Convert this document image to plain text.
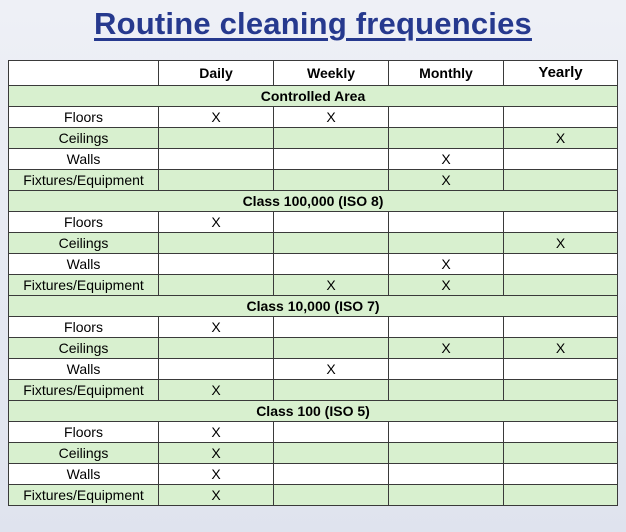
Routine cleaning frequencies
	Daily	Weekly	Monthly	Yearly
Controlled Area				
Floors	X	X		
Ceilings				X
Walls			X	
Fixtures/Equipment			X	
Class 100,000 (ISO 8)				
Floors	X			
Ceilings				X
Walls			X	
Fixtures/Equipment		X	X	
Class 10,000 (ISO 7)				
Floors	X			
Ceilings			X	X
Walls		X		
Fixtures/Equipment	X			
Class 100 (ISO 5)				
Floors	X			
Ceilings	X			
Walls	X			
Fixtures/Equipment	X			
